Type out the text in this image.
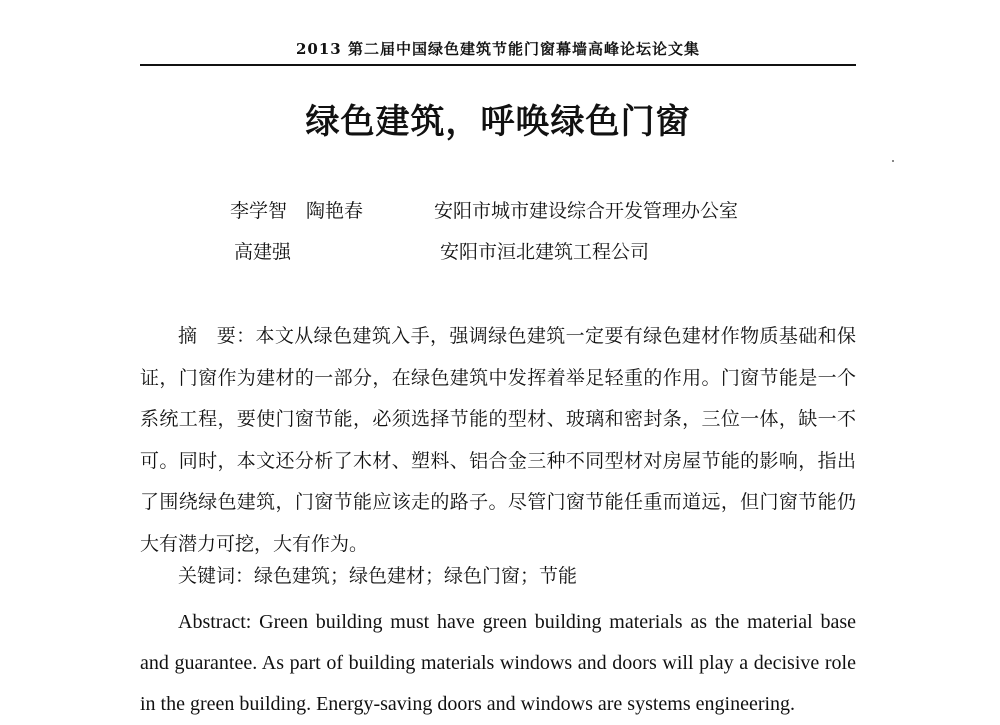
2013 第二届中国绿色建筑节能门窗幕墙高峰论坛论文集
绿色建筑，呼唤绿色门窗
李学智　陶艳春	安阳市城市建设综合开发管理办公室
高建强	安阳市洹北建筑工程公司

摘　要：本文从绿色建筑入手，强调绿色建筑一定要有绿色建材作物质基础和保证，门窗作为建材的一部分，在绿色建筑中发挥着举足轻重的作用。门窗节能是一个系统工程，要使门窗节能，必须选择节能的型材、玻璃和密封条，三位一体，缺一不可。同时，本文还分析了木材、塑料、铝合金三种不同型材对房屋节能的影响，指出了围绕绿色建筑，门窗节能应该走的路子。尽管门窗节能任重而道远，但门窗节能仍大有潜力可挖，大有作为。

关键词：绿色建筑；绿色建材；绿色门窗；节能

Abstract: Green building must have green building materials as the material base and guarantee. As part of building materials windows and doors will play a decisive role in the green building. Energy-saving doors and windows are systems engineering.
